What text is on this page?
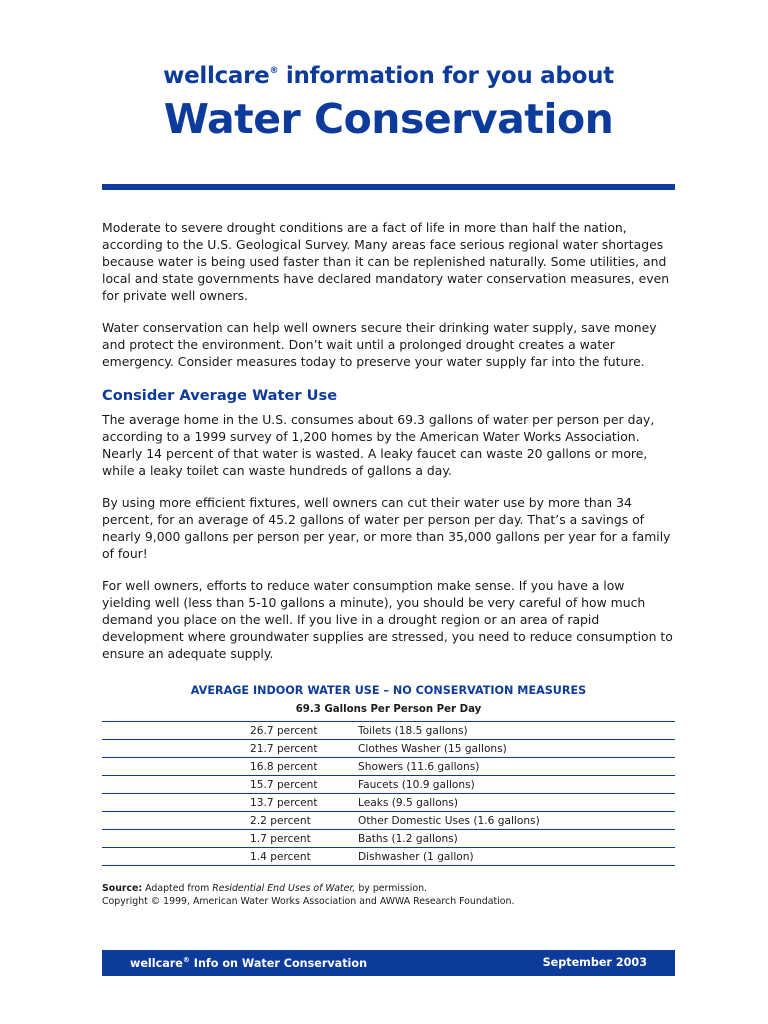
wellcare® information for you about
Water Conservation

Moderate to severe drought conditions are a fact of life in more than half the nation, according to the U.S. Geological Survey. Many areas face serious regional water shortages because water is being used faster than it can be replenished naturally. Some utilities, and local and state governments have declared mandatory water conservation measures, even for private well owners.

Water conservation can help well owners secure their drinking water supply, save money and protect the environment. Don’t wait until a prolonged drought creates a water emergency. Consider measures today to preserve your water supply far into the future.

Consider Average Water Use

The average home in the U.S. consumes about 69.3 gallons of water per person per day, according to a 1999 survey of 1,200 homes by the American Water Works Association. Nearly 14 percent of that water is wasted. A leaky faucet can waste 20 gallons or more, while a leaky toilet can waste hundreds of gallons a day.

By using more efficient fixtures, well owners can cut their water use by more than 34 percent, for an average of 45.2 gallons of water per person per day. That’s a savings of nearly 9,000 gallons per person per year, or more than 35,000 gallons per year for a family of four!

For well owners, efforts to reduce water consumption make sense. If you have a low yielding well (less than 5-10 gallons a minute), you should be very careful of how much demand you place on the well. If you live in a drought region or an area of rapid development where groundwater supplies are stressed, you need to reduce consumption to ensure an adequate supply.

AVERAGE INDOOR WATER USE – NO CONSERVATION MEASURES
69.3 Gallons Per Person Per Day
26.7 percent	Toilets (18.5 gallons)
21.7 percent	Clothes Washer (15 gallons)
16.8 percent	Showers (11.6 gallons)
15.7 percent	Faucets (10.9 gallons)
13.7 percent	Leaks (9.5 gallons)
2.2 percent	Other Domestic Uses (1.6 gallons)
1.7 percent	Baths (1.2 gallons)
1.4 percent	Dishwasher (1 gallon)
Source: Adapted from Residential End Uses of Water, by permission.
Copyright © 1999, American Water Works Association and AWWA Research Foundation.
wellcare® Info on Water Conservation	September 2003
